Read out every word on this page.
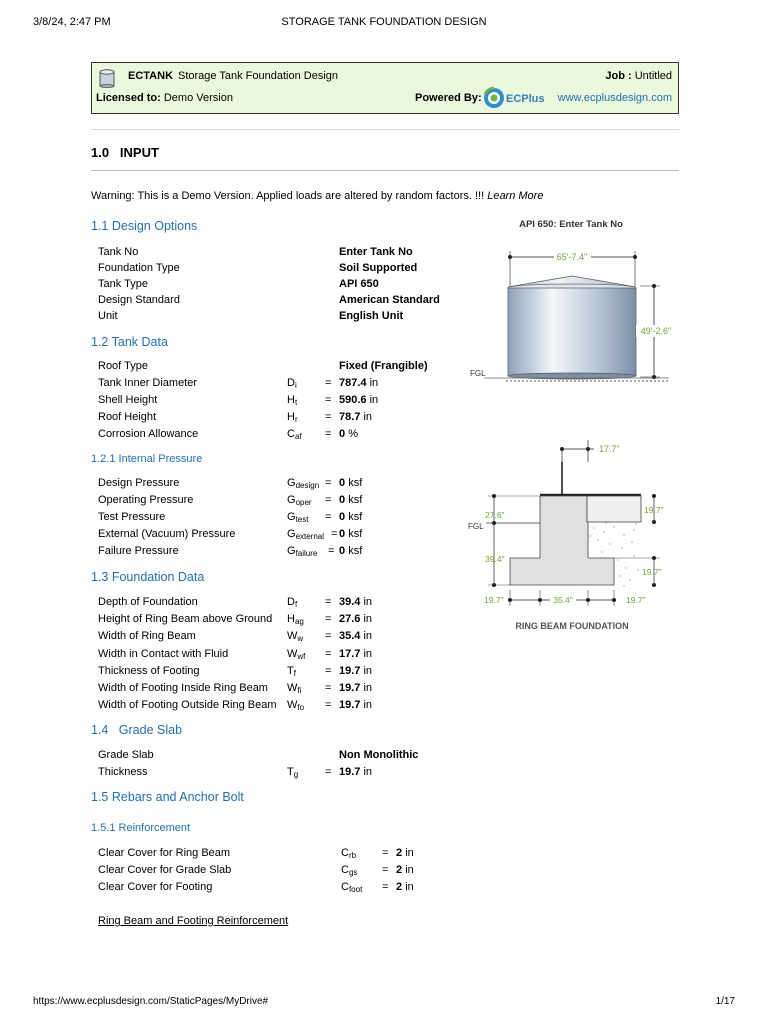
3/8/24, 2:47 PM	STORAGE TANK FOUNDATION DESIGN
ECTANK Storage Tank Foundation Design	Job : Untitled
Licensed to: Demo Version	Powered By: ECPlus www.ecplusdesign.com
1.0   INPUT
Warning: This is a Demo Version. Applied loads are altered by random factors. !!! Learn More
1.1 Design Options
Tank No	Enter Tank No
Foundation Type	Soil Supported
Tank Type	API 650
Design Standard	American Standard
Unit	English Unit
1.2 Tank Data
Roof Type	Fixed (Frangible)
Tank Inner Diameter	$D_i$	= 787.4 in
Shell Height	$H_t$	= 590.6 in
Roof Height	$H_r = 78.7$ in
Corrosion Allowance	$C_{af} = 0$ %
1.2.1 Internal Pressure
Design Pressure	$G_{design} = 0$ ksf
Operating Pressure	$G_{oper} = 0$ ksf
Test Pressure	$G_{test} = 0$ ksf
External (Vacuum) Pressure	$G_{external} = 0$ ksf
Failure Pressure	$G_{failure} = 0$ ksf
1.3 Foundation Data
Depth of Foundation	$D_f$	= 39.4 in
Height of Ring Beam above Ground $H_{ag} = 27.6$ in
Width of Ring Beam	$W_w = 35.4$ in
Width in Contact with Fluid	$W_{wf} = 17.7$ in
Thickness of Footing	$T_f$	= 19.7 in
Width of Footing Inside Ring Beam $W_{fi} = 19.7$ in
Width of Footing Outside Ring Beam $W_{fo} = 19.7$ in
1.4   Grade Slab
Grade Slab	Non Monolithic
Thickness	$T_g = 19.7$ in
1.5 Rebars and Anchor Bolt
1.5.1 Reinforcement
Clear Cover for Ring Beam	$C_{rb} = 2$ in
Clear Cover for Grade Slab	$C_{gs} = 2$ in
Clear Cover for Footing	$C_{foot} = 2$ in
Ring Beam and Footing Reinforcement
API 650: Enter Tank No
65'-7.4"
FGL
49'-2.6"
17.7"
FGL
27.6"
39.4"
19.7"
19.7"
19.7"	35.4"	19.7"
RING BEAM FOUNDATION
https://www.ecplusdesign.com/StaticPages/MyDrive#	1/17
